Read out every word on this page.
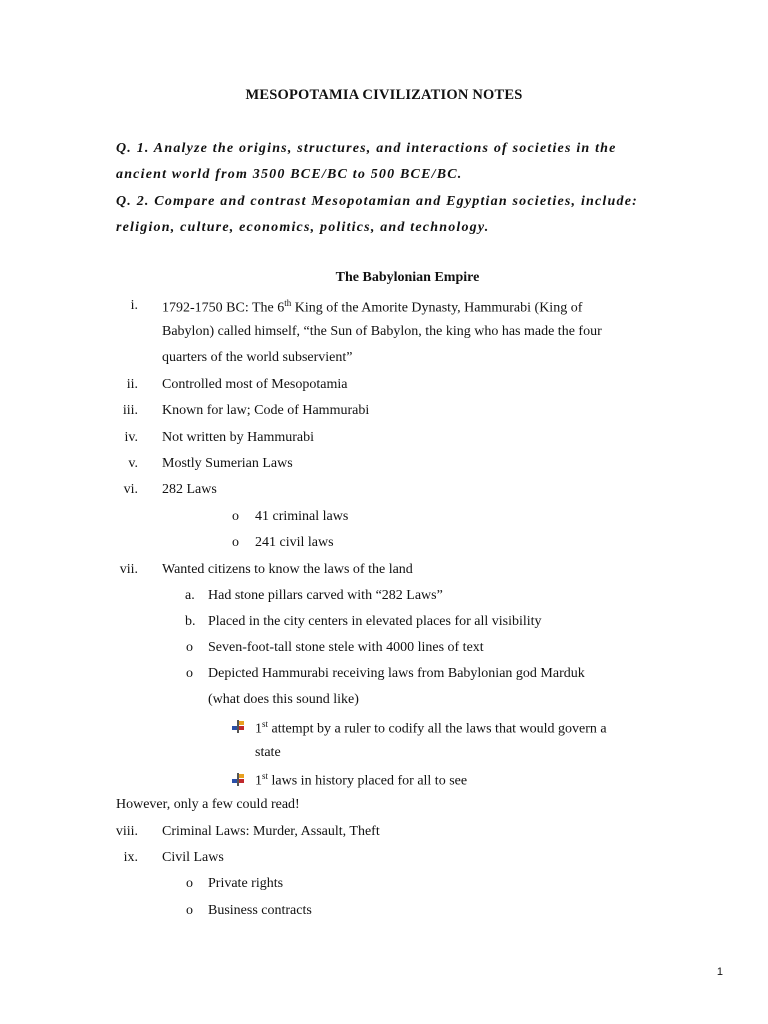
MESOPOTAMIA CIVILIZATION NOTES
Q. 1. Analyze the origins, structures, and interactions of societies in the
ancient world from 3500 BCE/BC to 500 BCE/BC.
Q. 2. Compare and contrast Mesopotamian and Egyptian societies, include:
religion, culture, economics, politics, and technology.
The Babylonian Empire
i. 1792-1750 BC: The 6th King of the Amorite Dynasty, Hammurabi (King of
Babylon) called himself, “the Sun of Babylon, the king who has made the four
quarters of the world subservient”
ii. Controlled most of Mesopotamia
iii. Known for law; Code of Hammurabi
iv. Not written by Hammurabi
v. Mostly Sumerian Laws
vi. 282 Laws
o 41 criminal laws
o 241 civil laws
vii. Wanted citizens to know the laws of the land
a. Had stone pillars carved with “282 Laws”
b. Placed in the city centers in elevated places for all visibility
o Seven-foot-tall stone stele with 4000 lines of text
o Depicted Hammurabi receiving laws from Babylonian god Marduk
(what does this sound like)
1st attempt by a ruler to codify all the laws that would govern a
state
1st laws in history placed for all to see
However, only a few could read!
viii. Criminal Laws: Murder, Assault, Theft
ix. Civil Laws
o Private rights
o Business contracts
1
